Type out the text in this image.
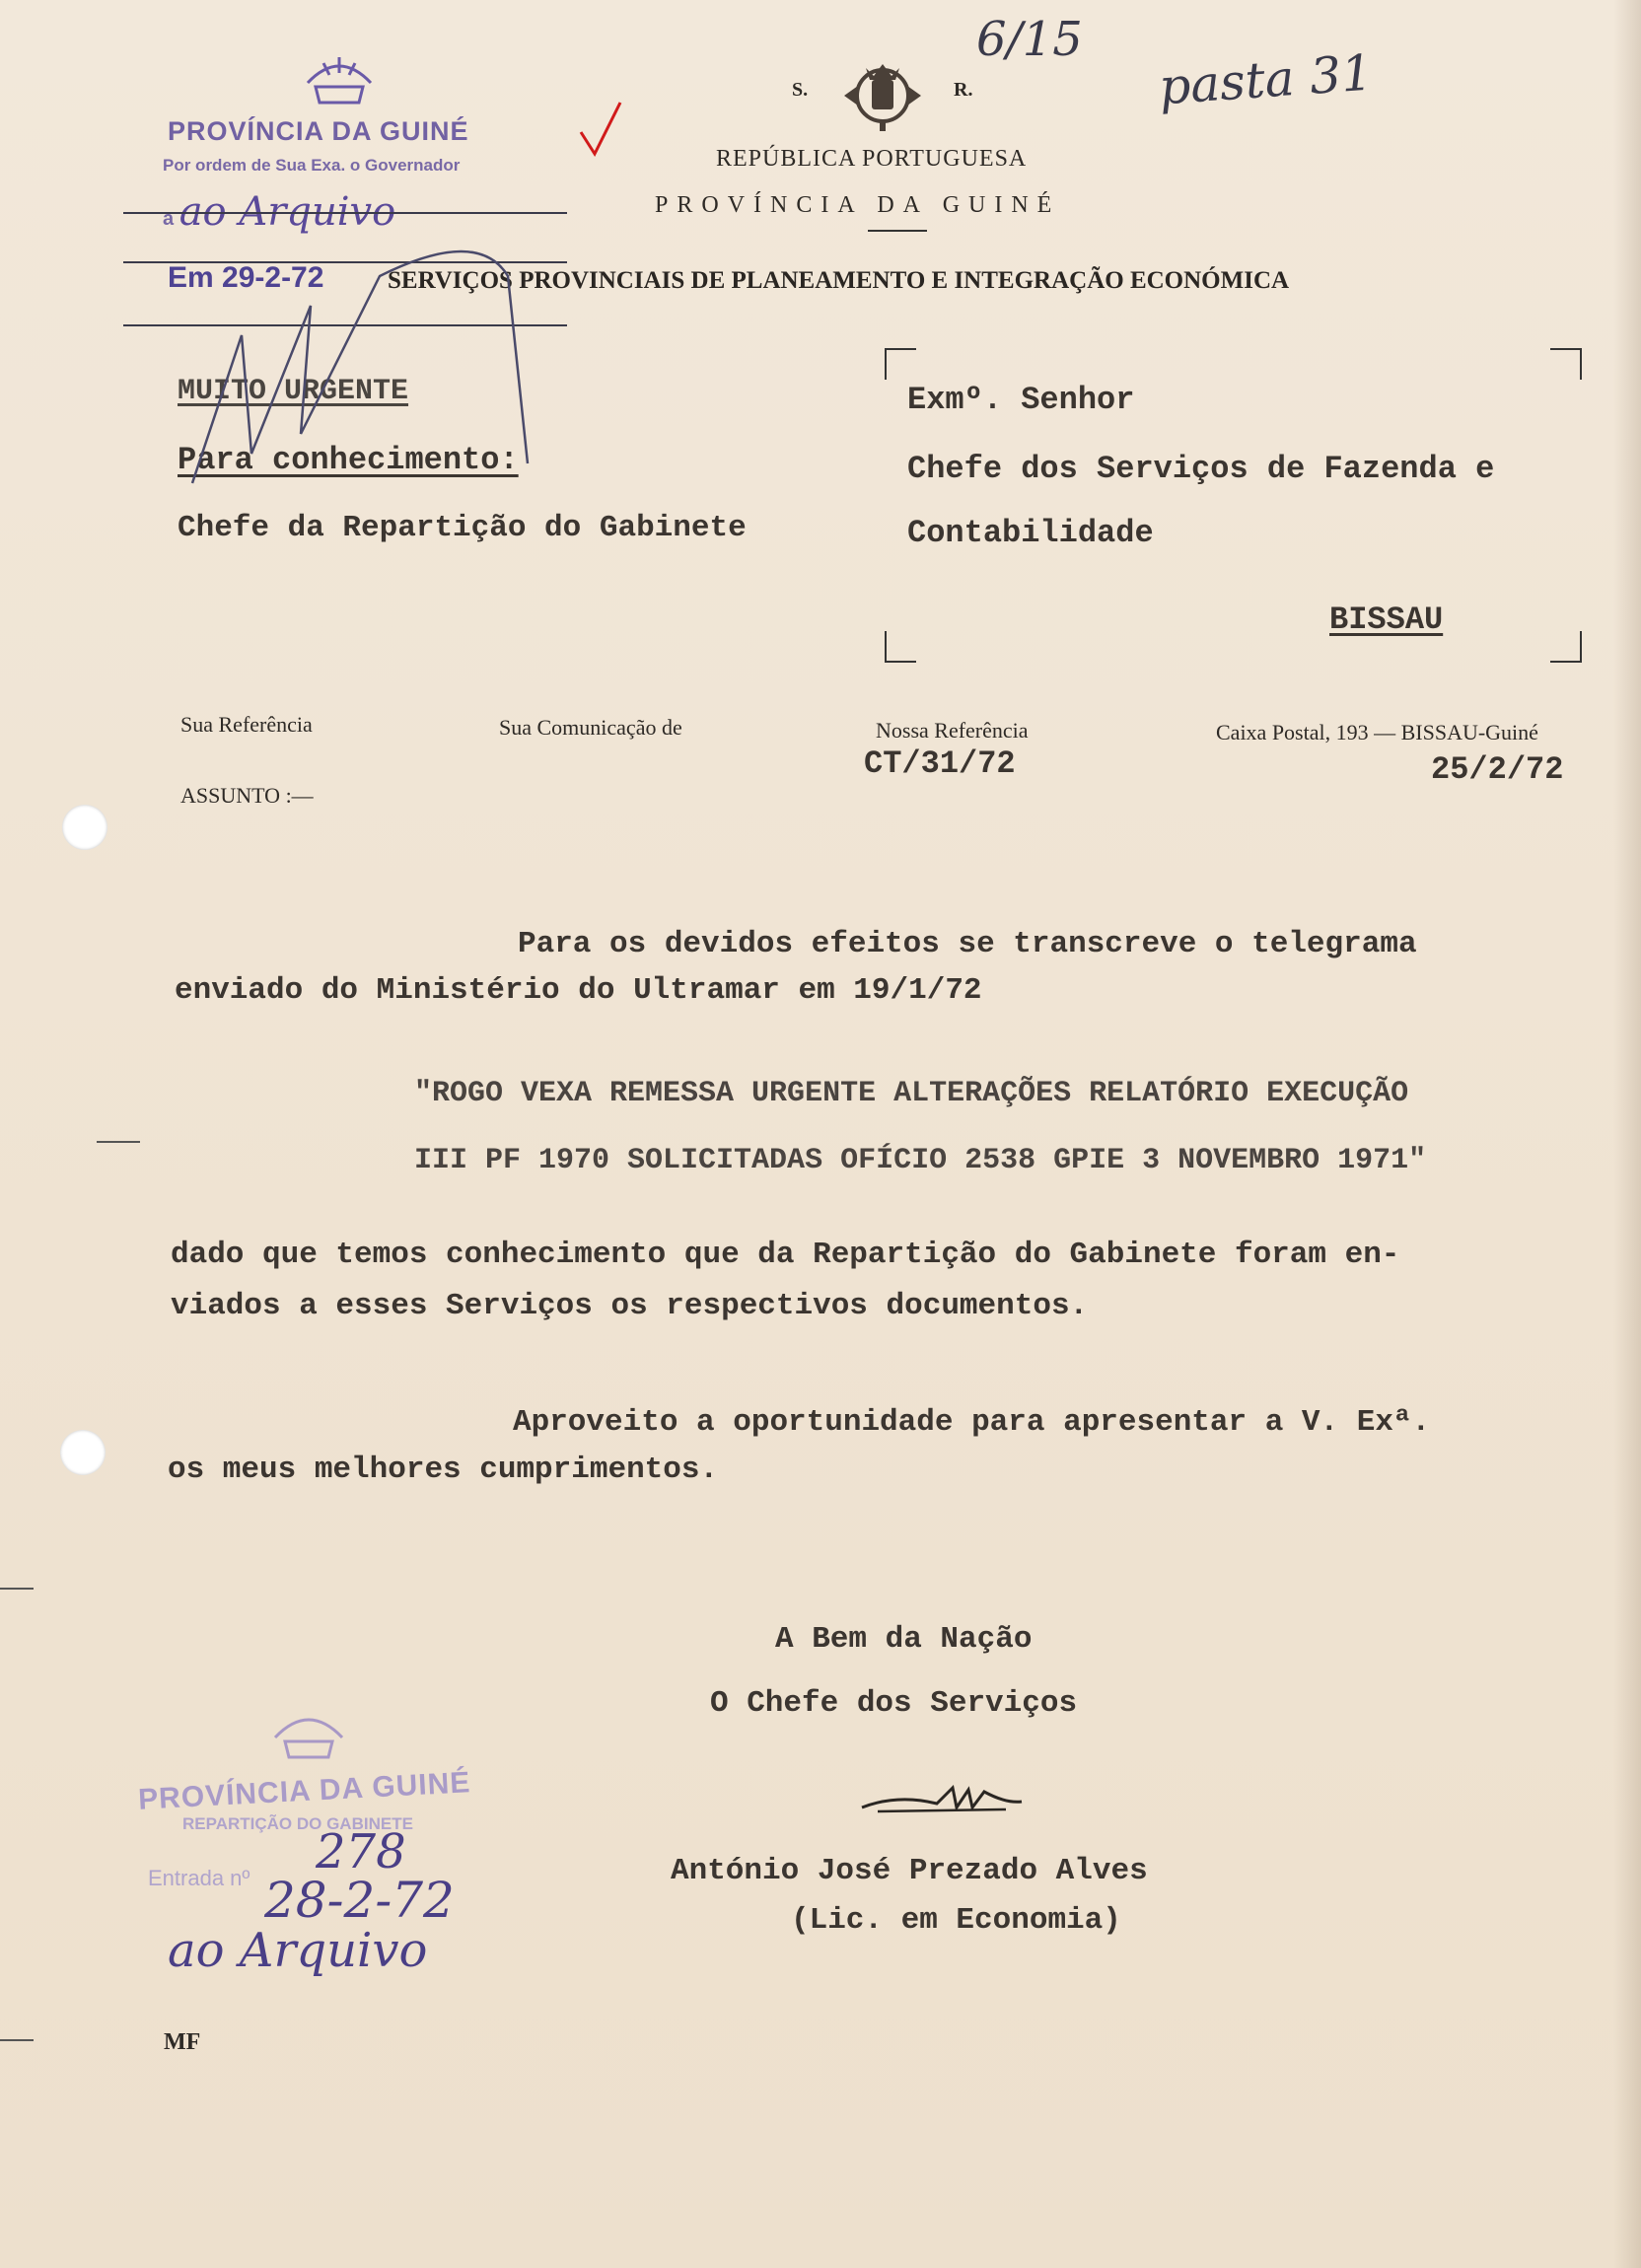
6/15
pasta 31
PROVÍNCIA DA GUINÉ
Por ordem de Sua Exa. o Governador
a ao Arquivo
Em 29-2-72
S.	R.
REPÚBLICA PORTUGUESA
PROVÍNCIA DA GUINÉ
SERVIÇOS PROVINCIAIS DE PLANEAMENTO E INTEGRAÇÃO ECONÓMICA
MUITO URGENTE
Para conhecimento:
Chefe da Repartição do Gabinete
Exmº. Senhor
Chefe dos Serviços de Fazenda e
Contabilidade
BISSAU
Sua Referência	Sua Comunicação de	Nossa Referência
CT/31/72
Caixa Postal, 193 — BISSAU-Guiné
25/2/72
ASSUNTO :—
Para os devidos efeitos se transcreve o telegrama
enviado do Ministério do Ultramar em 19/1/72
"ROGO VEXA REMESSA URGENTE ALTERAÇÕES RELATÓRIO EXECUÇÃO
III PF 1970 SOLICITADAS OFÍCIO 2538 GPIE 3 NOVEMBRO 1971"
dado que temos conhecimento que da Repartição do Gabinete foram en-
viados a esses Serviços os respectivos documentos.
Aproveito a oportunidade para apresentar a V. Exª.
os meus melhores cumprimentos.
A Bem da Nação
O Chefe dos Serviços
António José Prezado Alves
(Lic. em Economia)
PROVÍNCIA DA GUINÉ
REPARTIÇÃO DO GABINETE
Entrada nº 278
28-2-72
ao Arquivo
MF
